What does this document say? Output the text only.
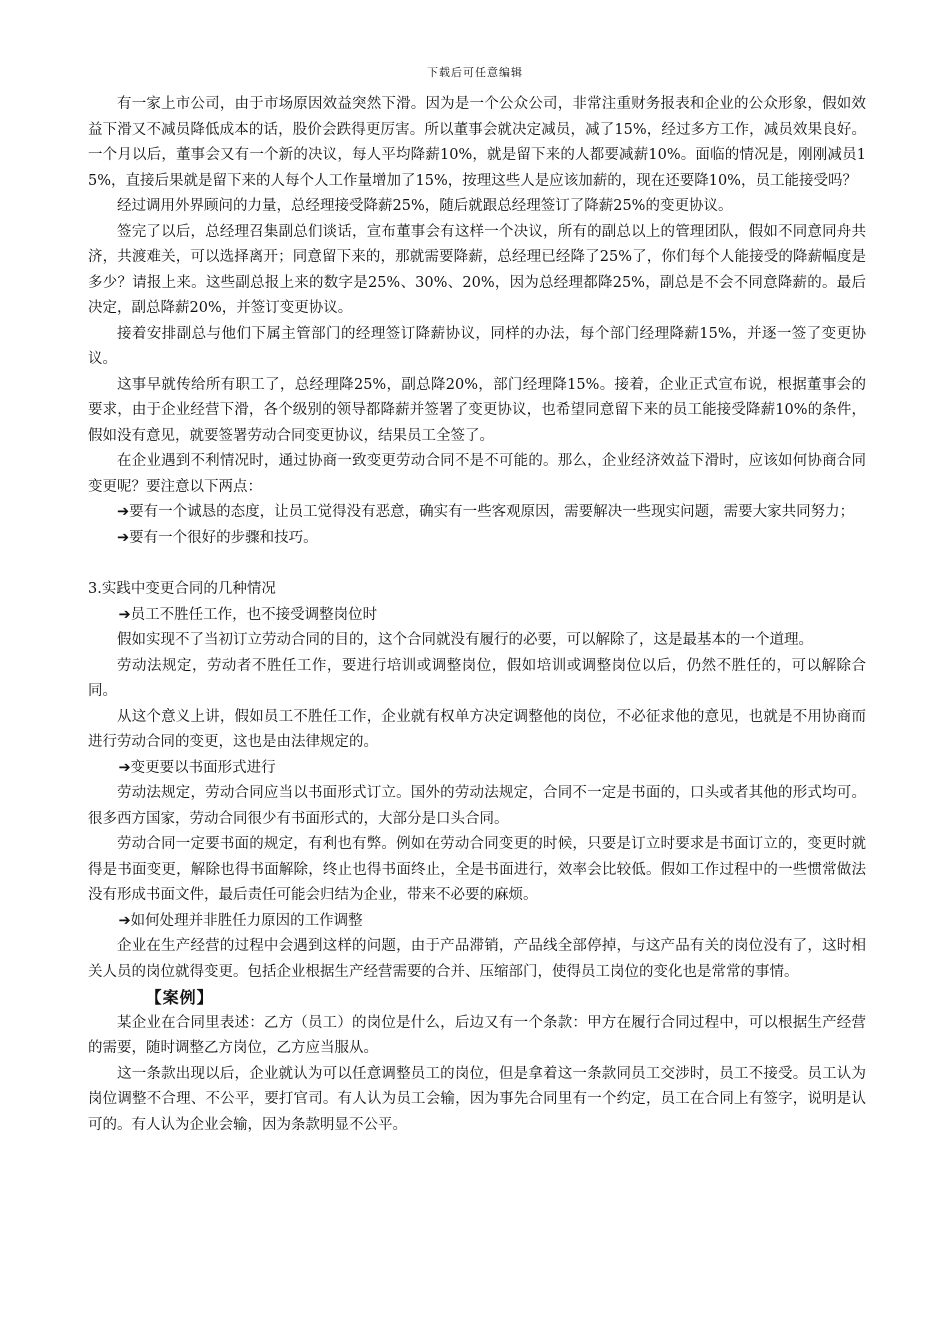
下载后可任意编辑

有一家上市公司，由于市场原因效益突然下滑。因为是一个公众公司，非常注重财务报表和企业的公众形象，假如效益下滑又不减员降低成本的话，股价会跌得更厉害。所以董事会就决定减员，减了15%，经过多方工作，减员效果良好。一个月以后，董事会又有一个新的决议，每人平均降薪10%，就是留下来的人都要减薪10%。面临的情况是，刚刚减员15%，直接后果就是留下来的人每个人工作量增加了15%，按理这些人是应该加薪的，现在还要降10%，员工能接受吗？

经过调用外界顾问的力量，总经理接受降薪25%，随后就跟总经理签订了降薪25%的变更协议。

签完了以后，总经理召集副总们谈话，宣布董事会有这样一个决议，所有的副总以上的管理团队，假如不同意同舟共济，共渡难关，可以选择离开；同意留下来的，那就需要降薪，总经理已经降了25%了，你们每个人能接受的降薪幅度是多少？请报上来。这些副总报上来的数字是25%、30%、20%，因为总经理都降25%，副总是不会不同意降薪的。最后决定，副总降薪20%，并签订变更协议。

接着安排副总与他们下属主管部门的经理签订降薪协议，同样的办法，每个部门经理降薪15%，并逐一签了变更协议。

这事早就传给所有职工了，总经理降25%，副总降20%，部门经理降15%。接着，企业正式宣布说，根据董事会的要求，由于企业经营下滑，各个级别的领导都降薪并签署了变更协议，也希望同意留下来的员工能接受降薪10%的条件，假如没有意见，就要签署劳动合同变更协议，结果员工全签了。

在企业遇到不利情况时，通过协商一致变更劳动合同不是不可能的。那么，企业经济效益下滑时，应该如何协商合同变更呢？要注意以下两点：

➔要有一个诚恳的态度，让员工觉得没有恶意，确实有一些客观原因，需要解决一些现实问题，需要大家共同努力；

➔要有一个很好的步骤和技巧。

3.实践中变更合同的几种情况

➔员工不胜任工作，也不接受调整岗位时

假如实现不了当初订立劳动合同的目的，这个合同就没有履行的必要，可以解除了，这是最基本的一个道理。

劳动法规定，劳动者不胜任工作，要进行培训或调整岗位，假如培训或调整岗位以后，仍然不胜任的，可以解除合同。

从这个意义上讲，假如员工不胜任工作，企业就有权单方决定调整他的岗位，不必征求他的意见，也就是不用协商而进行劳动合同的变更，这也是由法律规定的。

➔变更要以书面形式进行

劳动法规定，劳动合同应当以书面形式订立。国外的劳动法规定，合同不一定是书面的，口头或者其他的形式均可。很多西方国家，劳动合同很少有书面形式的，大部分是口头合同。

劳动合同一定要书面的规定，有利也有弊。例如在劳动合同变更的时候，只要是订立时要求是书面订立的，变更时就得是书面变更，解除也得书面解除，终止也得书面终止，全是书面进行，效率会比较低。假如工作过程中的一些惯常做法没有形成书面文件，最后责任可能会归结为企业，带来不必要的麻烦。

➔如何处理并非胜任力原因的工作调整

企业在生产经营的过程中会遇到这样的问题，由于产品滞销，产品线全部停掉，与这产品有关的岗位没有了，这时相关人员的岗位就得变更。包括企业根据生产经营需要的合并、压缩部门，使得员工岗位的变化也是常常的事情。

【案例】

某企业在合同里表述：乙方（员工）的岗位是什么，后边又有一个条款：甲方在履行合同过程中，可以根据生产经营的需要，随时调整乙方岗位，乙方应当服从。

这一条款出现以后，企业就认为可以任意调整员工的岗位，但是拿着这一条款同员工交涉时，员工不接受。员工认为岗位调整不合理、不公平，要打官司。有人认为员工会输，因为事先合同里有一个约定，员工在合同上有签字，说明是认可的。有人认为企业会输，因为条款明显不公平。
